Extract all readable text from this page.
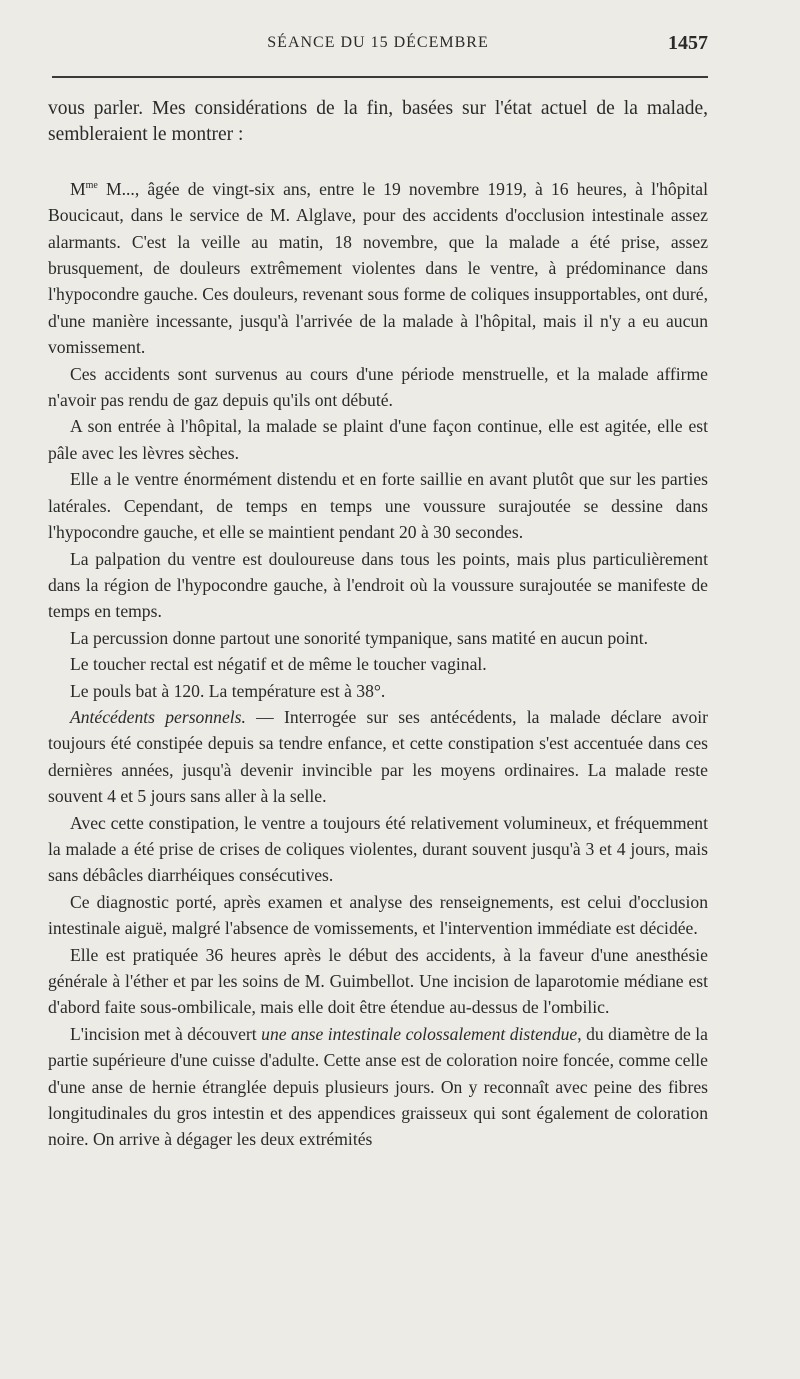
SÉANCE DU 15 DÉCEMBRE	1457

vous parler. Mes considérations de la fin, basées sur l'état actuel de la malade, sembleraient le montrer :

$M^{me}$ M..., âgée de vingt-six ans, entre le 19 novembre 1919, à 16 heures, à l'hôpital Boucicaut, dans le service de M. Alglave, pour des accidents d'occlusion intestinale assez alarmants. C'est la veille au matin, 18 novembre, que la malade a été prise, assez brusquement, de douleurs extrêmement violentes dans le ventre, à prédominance dans l'hypocondre gauche. Ces douleurs, revenant sous forme de coliques insupportables, ont duré, d'une manière incessante, jusqu'à l'arrivée de la malade à l'hôpital, mais il n'y a eu aucun vomissement.

Ces accidents sont survenus au cours d'une période menstruelle, et la malade affirme n'avoir pas rendu de gaz depuis qu'ils ont débuté.

A son entrée à l'hôpital, la malade se plaint d'une façon continue, elle est agitée, elle est pâle avec les lèvres sèches.

Elle a le ventre énormément distendu et en forte saillie en avant plutôt que sur les parties latérales. Cependant, de temps en temps une voussure surajoutée se dessine dans l'hypocondre gauche, et elle se maintient pendant 20 à 30 secondes.

La palpation du ventre est douloureuse dans tous les points, mais plus particulièrement dans la région de l'hypocondre gauche, à l'endroit où la voussure surajoutée se manifeste de temps en temps.

La percussion donne partout une sonorité tympanique, sans matité en aucun point.

Le toucher rectal est négatif et de même le toucher vaginal.

Le pouls bat à 120. La température est à 38°.

Antécédents personnels. — Interrogée sur ses antécédents, la malade déclare avoir toujours été constipée depuis sa tendre enfance, et cette constipation s'est accentuée dans ces dernières années, jusqu'à devenir invincible par les moyens ordinaires. La malade reste souvent 4 et 5 jours sans aller à la selle.

Avec cette constipation, le ventre a toujours été relativement volumineux, et fréquemment la malade a été prise de crises de coliques violentes, durant souvent jusqu'à 3 et 4 jours, mais sans débâcles diarrhéiques consécutives.

Ce diagnostic porté, après examen et analyse des renseignements, est celui d'occlusion intestinale aiguë, malgré l'absence de vomissements, et l'intervention immédiate est décidée.

Elle est pratiquée 36 heures après le début des accidents, à la faveur d'une anesthésie générale à l'éther et par les soins de M. Guimbellot. Une incision de laparotomie médiane est d'abord faite sous-ombilicale, mais elle doit être étendue au-dessus de l'ombilic.

L'incision met à découvert une anse intestinale colossalement distendue, du diamètre de la partie supérieure d'une cuisse d'adulte. Cette anse est de coloration noire foncée, comme celle d'une anse de hernie étranglée depuis plusieurs jours. On y reconnaît avec peine des fibres longitudinales du gros intestin et des appendices graisseux qui sont également de coloration noire. On arrive à dégager les deux extrémités
